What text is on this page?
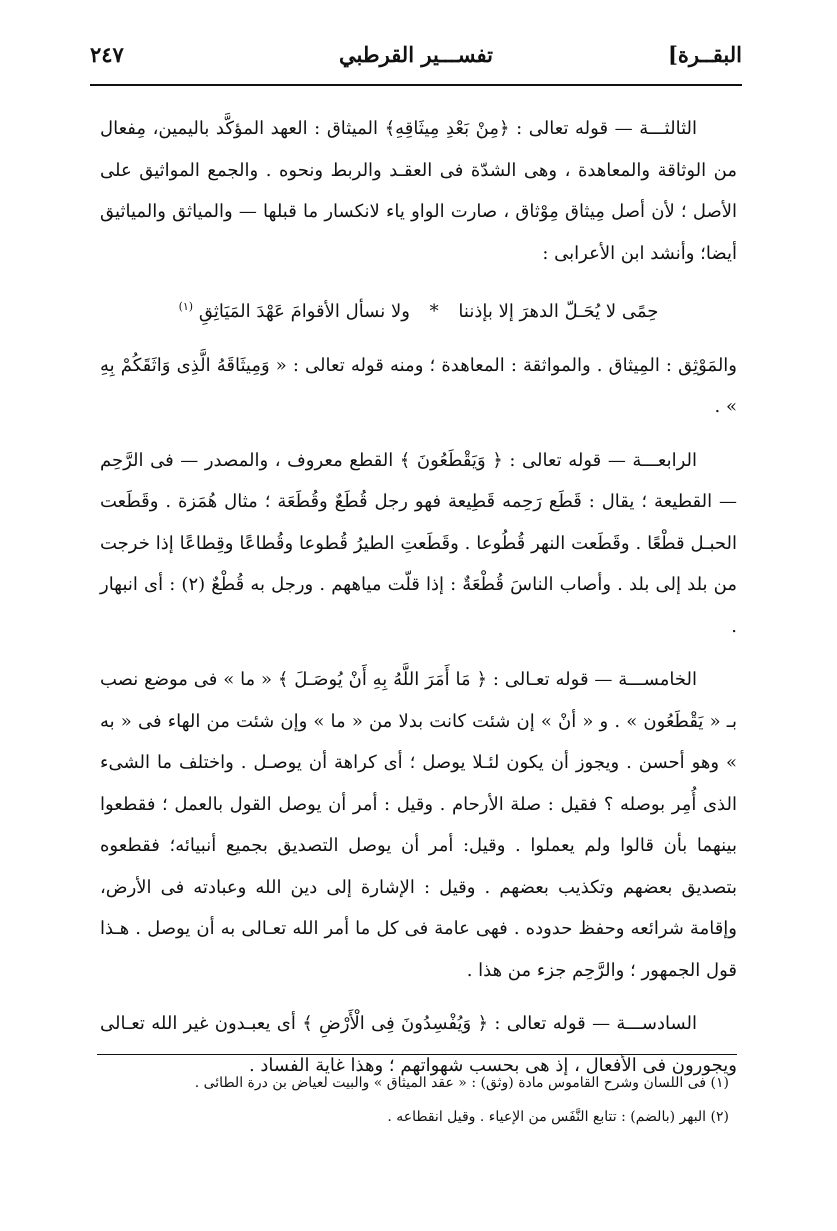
البقــرة]
تفســـير القرطبي
٢٤٧

الثالثـــة — قوله تعالى : ﴿مِنْ بَعْدِ مِيثَاقِهِ﴾ الميثاق : العهد المؤكَّد باليمين، مِفعال من الوثاقة والمعاهدة ، وهى الشدّة فى العقـد والربط ونحوه . والجمع المواثيق على الأصل ؛ لأن أصل مِيثاق مِوْثاق ، صارت الواو ياء لانكسار ما قبلها — والمياثق والمياثيق أيضا؛ وأنشد ابن الأعرابى :

حِمًى لا يُحَـلّ الدهرَ إلا بإذننا * ولا نسأل الأقوامَ عَهْدَ المَيَاثِقِ $^{(١)}$

والمَوْثِق : المِيثاق . والمواثقة : المعاهدة ؛ ومنه قوله تعالى : « وَمِيثَاقَهُ الَّذِى وَاثَقَكُمْ بِهِ » .

الرابعـــة — قوله تعالى : ﴿ وَيَقْطَعُونَ ﴾ القطع معروف ، والمصدر — فى الرَّحِم — القطيعة ؛ يقال : قَطَع رَحِمه قَطِيعة فهو رجل قُطَعٌ وقُطَعَة ؛ مثال هُمَزة . وقَطَعت الحبـل قطْعًا . وقَطَعت النهر قُطُوعا . وقَطَعتِ الطيرُ قُطوعا وقُطاعًا وقِطاعًا إذا خرجت من بلد إلى بلد . وأصاب الناسَ قُطْعَةٌ : إذا قلّت مياههم . ورجل به قُطْعٌ (٢) : أى انبهار .

الخامســـة — قوله تعـالى : ﴿ مَا أَمَرَ اللَّهُ بِهِ أَنْ يُوصَـلَ ﴾ « ما » فى موضع نصب بـ « يَقْطَعُون » . و « أنْ » إن شئت كانت بدلا من « ما » وإن شئت من الهاء فى « به » وهو أحسن . ويجوز أن يكون لئـلا يوصل ؛ أى كراهة أن يوصـل . واختلف ما الشىء الذى أُمِر بوصله ؟ فقيل : صلة الأرحام . وقيل : أمر أن يوصل القول بالعمل ؛ فقطعوا بينهما بأن قالوا ولم يعملوا . وقيل: أمر أن يوصل التصديق بجميع أنبيائه؛ فقطعوه بتصديق بعضهم وتكذيب بعضهم . وقيل : الإشارة إلى دين الله وعبادته فى الأرض، وإقامة شرائعه وحفظ حدوده . فهى عامة فى كل ما أمر الله تعـالى به أن يوصل . هـذا قول الجمهور ؛ والرَّحِم جزء من هذا .

السادســـة — قوله تعالى : ﴿ وَيُفْسِدُونَ فِى الْأَرْضِ ﴾ أى يعبـدون غير الله تعـالى ويجورون فى الأفعال ، إذ هى بحسب شهواتهم ؛ وهذا غاية الفساد .

(١) فى اللسان وشرح القاموس مادة (وثق) : « عقد الميثاق » والبيت لعياض بن درة الطائى .
(٢) البهر (بالضم) : تتابع النَّفَس من الإعياء . وقيل انقطاعه .
